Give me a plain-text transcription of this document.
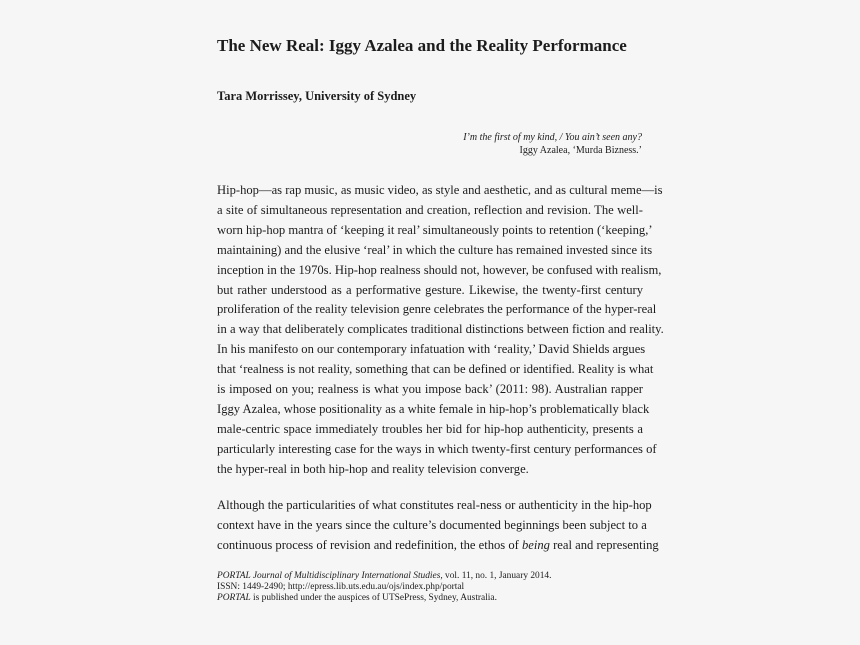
The New Real: Iggy Azalea and the Reality Performance
Tara Morrissey, University of Sydney
I’m the first of my kind, / You ain’t seen any?
Iggy Azalea, ‘Murda Bizness.’
Hip-hop—as rap music, as music video, as style and aesthetic, and as cultural meme—is
a site of simultaneous representation and creation, reflection and revision. The well-
worn hip-hop mantra of ‘keeping it real’ simultaneously points to retention (‘keeping,’
maintaining) and the elusive ‘real’ in which the culture has remained invested since its
inception in the 1970s. Hip-hop realness should not, however, be confused with realism,
but rather understood as a performative gesture. Likewise, the twenty-first century
proliferation of the reality television genre celebrates the performance of the hyper-real
in a way that deliberately complicates traditional distinctions between fiction and reality.
In his manifesto on our contemporary infatuation with ‘reality,’ David Shields argues
that ‘realness is not reality, something that can be defined or identified. Reality is what
is imposed on you; realness is what you impose back’ (2011: 98). Australian rapper
Iggy Azalea, whose positionality as a white female in hip-hop’s problematically black
male-centric space immediately troubles her bid for hip-hop authenticity, presents a
particularly interesting case for the ways in which twenty-first century performances of
the hyper-real in both hip-hop and reality television converge.
Although the particularities of what constitutes real-ness or authenticity in the hip-hop
context have in the years since the culture’s documented beginnings been subject to a
continuous process of revision and redefinition, the ethos of being real and representing
PORTAL Journal of Multidisciplinary International Studies, vol. 11, no. 1, January 2014.
ISSN: 1449-2490; http://epress.lib.uts.edu.au/ojs/index.php/portal
PORTAL is published under the auspices of UTSePress, Sydney, Australia.
